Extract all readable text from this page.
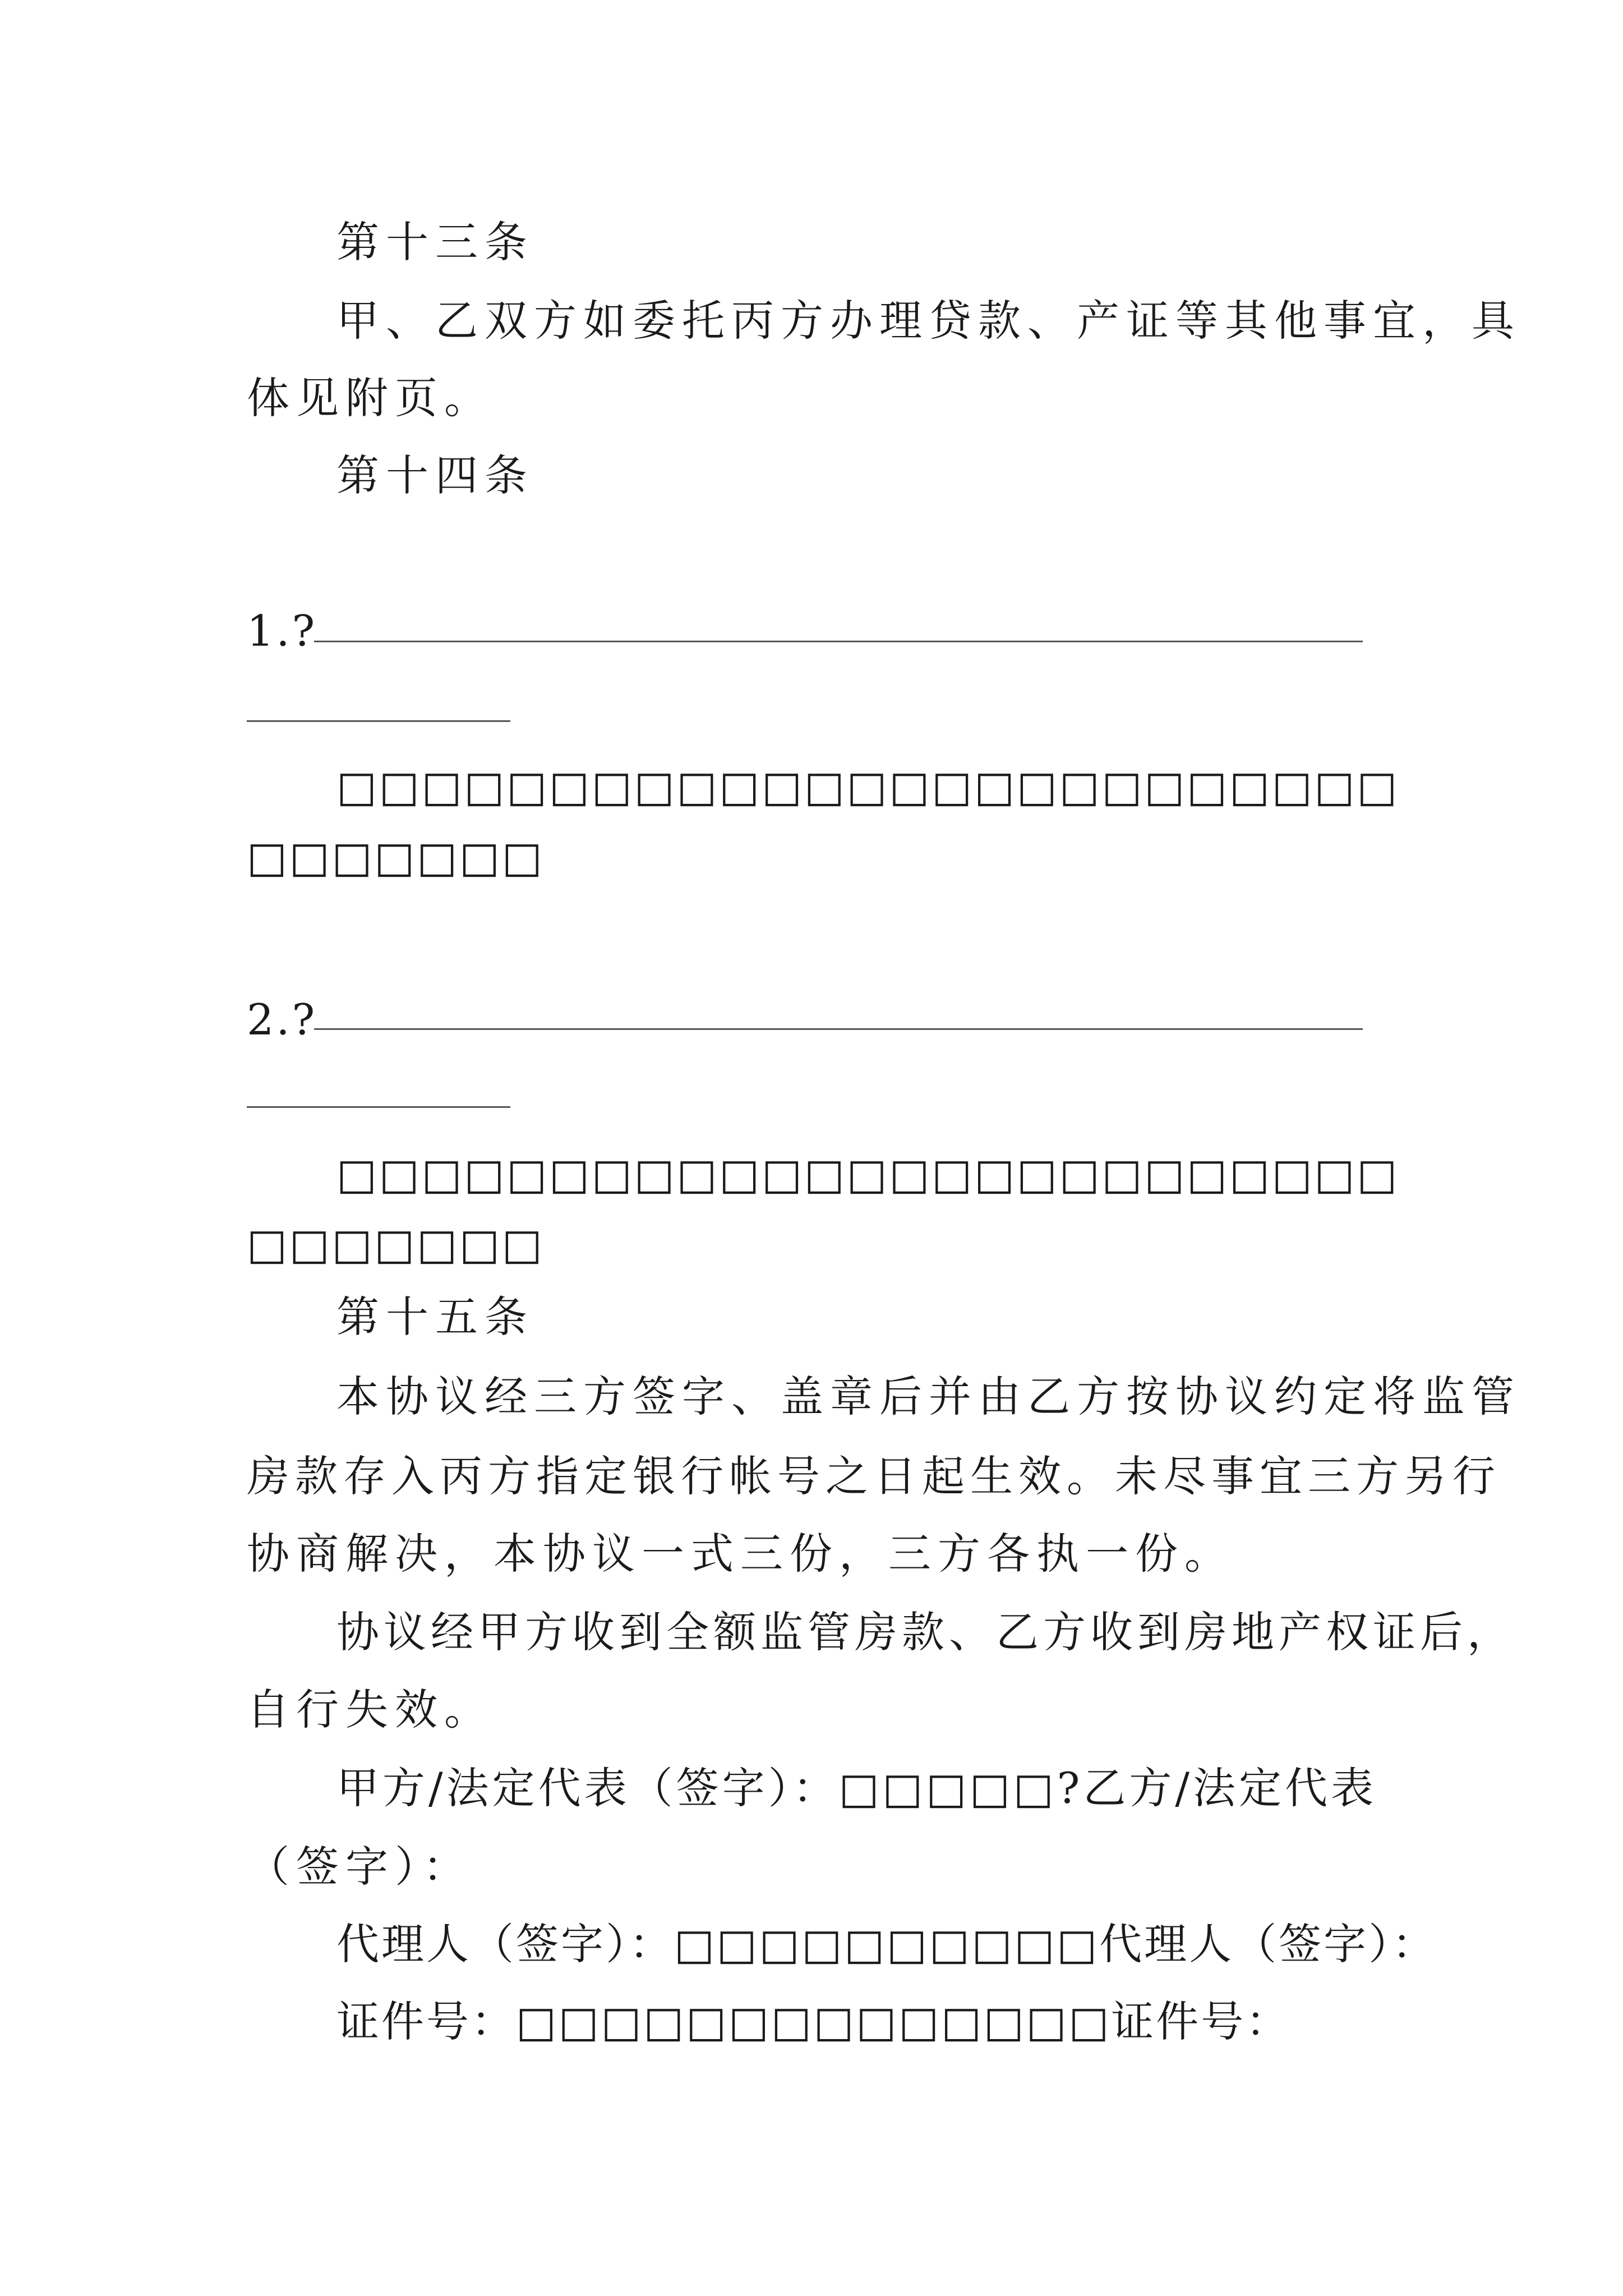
第十三条
甲、乙双方如委托丙方办理贷款、产证等其他事宜，具
体见附页。
第十四条
1.?
□□□□□□□□□□□□□□□□□□□□□□□□□
□□□□□□□
2.?
□□□□□□□□□□□□□□□□□□□□□□□□□
□□□□□□□
第十五条
本协议经三方签字、盖章后并由乙方按协议约定将监管
房款存入丙方指定银行帐号之日起生效。未尽事宜三方另行
协商解决，本协议一式三份，三方各执一份。
协议经甲方收到全额监管房款、乙方收到房地产权证后，
自行失效。
甲方/法定代表（签字）：□□□□□?乙方/法定代表
（签字）：
代理人（签字）：□□□□□□□□□□代理人（签字）：
证件号：□□□□□□□□□□□□□□证件号：
